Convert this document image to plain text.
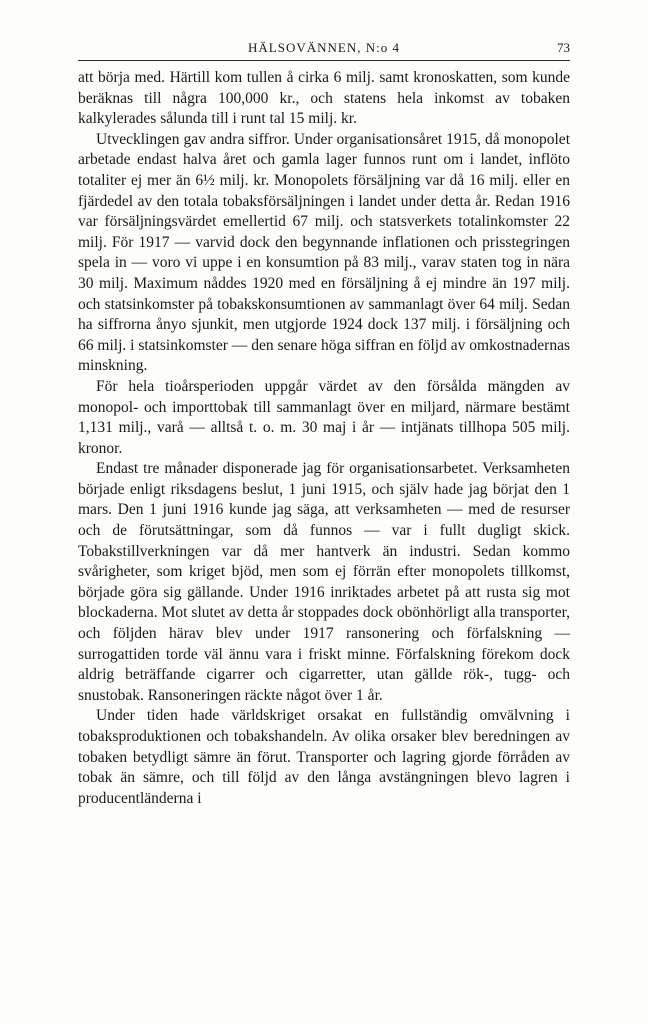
HÄLSOVÄNNEN, N:o 4	73

att börja med. Härtill kom tullen å cirka 6 milj. samt kronoskatten, som kunde beräknas till några 100,000 kr., och statens hela inkomst av tobaken kalkylerades sålunda till i runt tal 15 milj. kr.

Utvecklingen gav andra siffror. Under organisationsåret 1915, då monopolet arbetade endast halva året och gamla lager funnos runt om i landet, inflöto totaliter ej mer än 6½ milj. kr. Monopolets försäljning var då 16 milj. eller en fjärdedel av den totala tobaksförsäljningen i landet under detta år. Redan 1916 var försäljningsvärdet emellertid 67 milj. och statsverkets totalinkomster 22 milj. För 1917 — varvid dock den begynnande inflationen och prisstegringen spela in — voro vi uppe i en konsumtion på 83 milj., varav staten tog in nära 30 milj. Maximum nåddes 1920 med en försäljning å ej mindre än 197 milj. och statsinkomster på tobakskonsumtionen av sammanlagt över 64 milj. Sedan ha siffrorna ånyo sjunkit, men utgjorde 1924 dock 137 milj. i försäljning och 66 milj. i statsinkomster — den senare höga siffran en följd av omkostnadernas minskning.

För hela tioårsperioden uppgår värdet av den försålda mängden av monopol- och importtobak till sammanlagt över en miljard, närmare bestämt 1,131 milj., varå — alltså t. o. m. 30 maj i år — intjänats tillhopa 505 milj. kronor.

Endast tre månader disponerade jag för organisationsarbetet. Verksamheten började enligt riksdagens beslut, 1 juni 1915, och själv hade jag börjat den 1 mars. Den 1 juni 1916 kunde jag säga, att verksamheten — med de resurser och de förutsättningar, som då funnos — var i fullt dugligt skick. Tobakstillverkningen var då mer hantverk än industri. Sedan kommo svårigheter, som kriget bjöd, men som ej förrän efter monopolets tillkomst, började göra sig gällande. Under 1916 inriktades arbetet på att rusta sig mot blockaderna. Mot slutet av detta år stoppades dock obönhörligt alla transporter, och följden härav blev under 1917 ransonering och förfalskning — surrogattiden torde väl ännu vara i friskt minne. Förfalskning förekom dock aldrig beträffande cigarrer och cigarretter, utan gällde rök-, tugg- och snustobak. Ransoneringen räckte något över 1 år.

Under tiden hade världskriget orsakat en fullständig omvälvning i tobaksproduktionen och tobakshandeln. Av olika orsaker blev beredningen av tobaken betydligt sämre än förut. Transporter och lagring gjorde förråden av tobak än sämre, och till följd av den långa avstängningen blevo lagren i producentländerna i
